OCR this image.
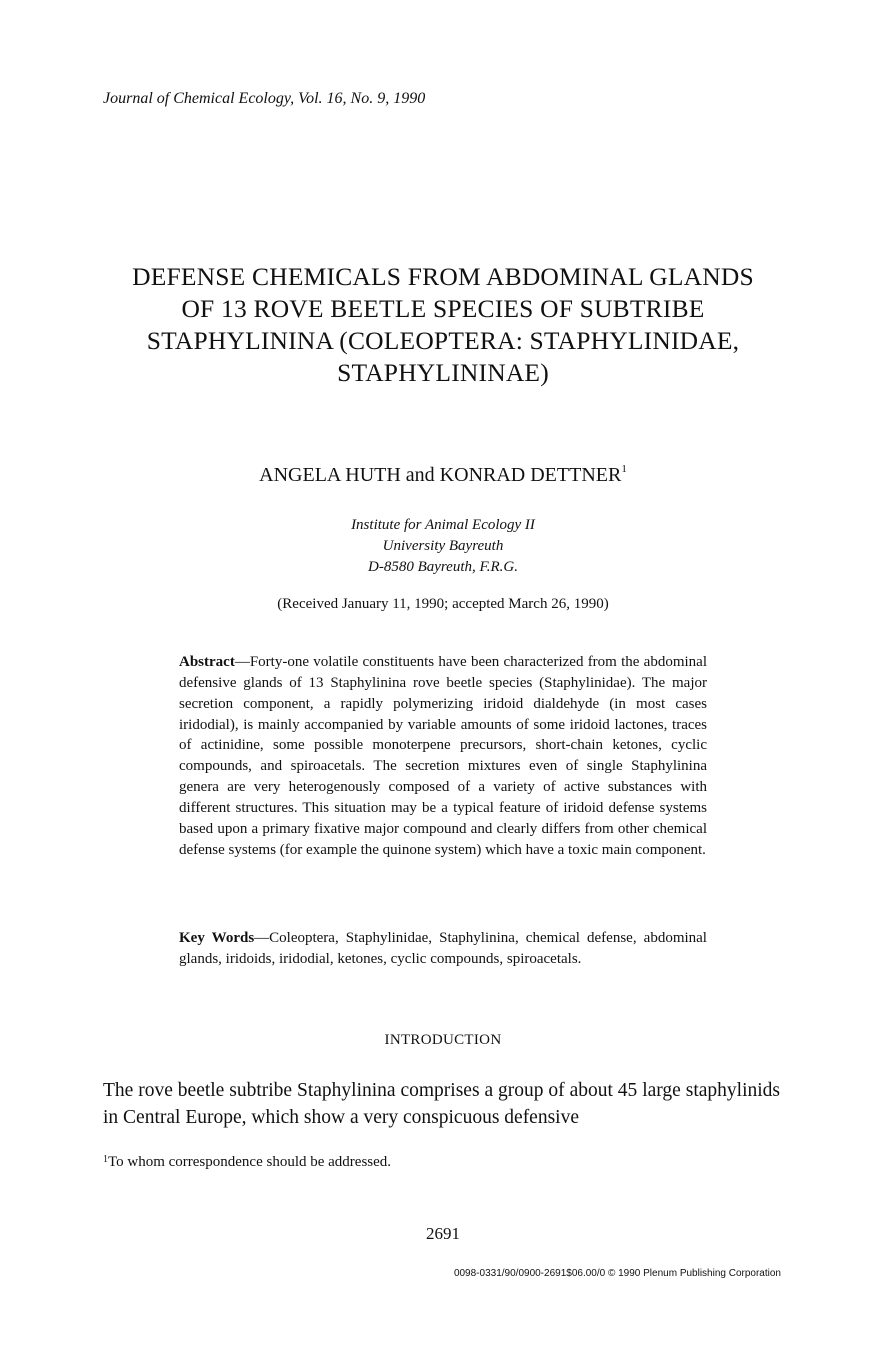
Journal of Chemical Ecology, Vol. 16, No. 9, 1990
DEFENSE CHEMICALS FROM ABDOMINAL GLANDS
OF 13 ROVE BEETLE SPECIES OF SUBTRIBE
STAPHYLININA (COLEOPTERA: STAPHYLINIDAE,
STAPHYLININAE)
ANGELA HUTH and KONRAD DETTNER$^1$
Institute for Animal Ecology II
University Bayreuth
D-8580 Bayreuth, F.R.G.
(Received January 11, 1990; accepted March 26, 1990)
Abstract—Forty-one volatile constituents have been characterized from the abdominal defensive glands of 13 Staphylinina rove beetle species (Staphylinidae). The major secretion component, a rapidly polymerizing iridoid dialdehyde (in most cases iridodial), is mainly accompanied by variable amounts of some iridoid lactones, traces of actinidine, some possible monoterpene precursors, short-chain ketones, cyclic compounds, and spiroacetals. The secretion mixtures even of single Staphylinina genera are very heterogenously composed of a variety of active substances with different structures. This situation may be a typical feature of iridoid defense systems based upon a primary fixative major compound and clearly differs from other chemical defense systems (for example the quinone system) which have a toxic main component.
Key Words—Coleoptera, Staphylinidae, Staphylinina, chemical defense, abdominal glands, iridoids, iridodial, ketones, cyclic compounds, spiroacetals.
INTRODUCTION
The rove beetle subtribe Staphylinina comprises a group of about 45 large staphylinids in Central Europe, which show a very conspicuous defensive
$^1$To whom correspondence should be addressed.
2691
0098-0331/90/0900-2691$06.00/0 © 1990 Plenum Publishing Corporation
